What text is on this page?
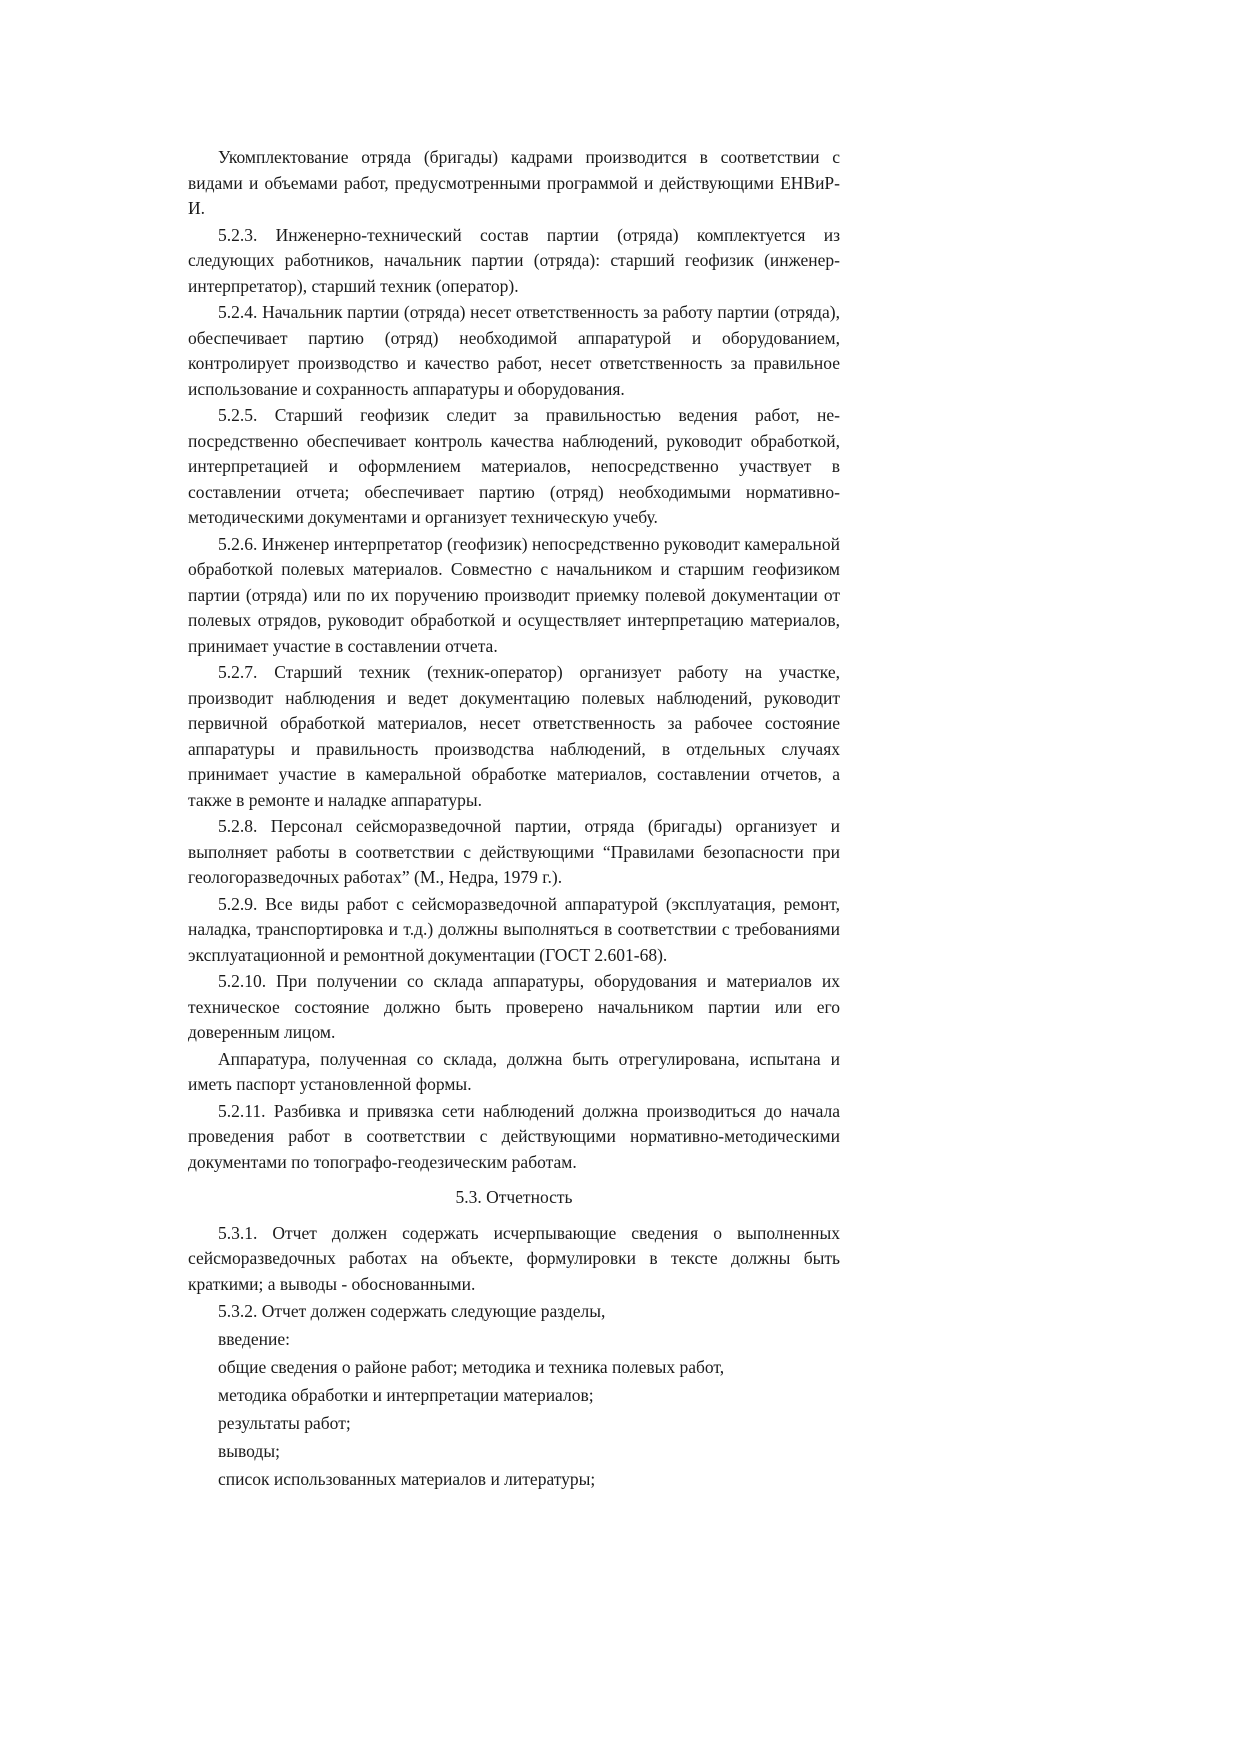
Укомплектование отряда (бригады) кадрами производится в соответствии с видами и объемами работ, предусмотренными программой и действующими ЕНВиР-И.

5.2.3. Инженерно-технический состав партии (отряда) комплектуется из следующих работников, начальник партии (отряда): старший геофизик (инженер-интерпретатор), старший техник (оператор).

5.2.4. Начальник партии (отряда) несет ответственность за работу партии (отряда), обеспечивает партию (отряд) необходимой аппаратурой и оборудованием, контролирует производство и качество работ, несет ответственность за правильное использование и сохранность аппаратуры и оборудования.

5.2.5. Старший геофизик следит за правильностью ведения работ, непосредственно обеспечивает контроль качества наблюдений, руководит обработкой, интерпретацией и оформлением материалов, непосредственно участвует в составлении отчета; обеспечивает партию (отряд) необходимыми нормативно-методическими документами и организует техническую учебу.

5.2.6. Инженер интерпретатор (геофизик) непосредственно руководит камеральной обработкой полевых материалов. Совместно с начальником и старшим геофизиком партии (отряда) или по их поручению производит приемку полевой документации от полевых отрядов, руководит обработкой и осуществляет интерпретацию материалов, принимает участие в составлении отчета.

5.2.7. Старший техник (техник-оператор) организует работу на участке, производит наблюдения и ведет документацию полевых наблюдений, руководит первичной обработкой материалов, несет ответственность за рабочее состояние аппаратуры и правильность производства наблюдений, в отдельных случаях принимает участие в камеральной обработке материалов, составлении отчетов, а также в ремонте и наладке аппаратуры.

5.2.8. Персонал сейсморазведочной партии, отряда (бригады) организует и выполняет работы в соответствии с действующими “Правилами безопасности при геологоразведочных работах” (М., Недра, 1979 г.).

5.2.9. Все виды работ с сейсморазведочной аппаратурой (эксплуатация, ремонт, наладка, транспортировка и т.д.) должны выполняться в соответствии с требованиями эксплуатационной и ремонтной документации (ГОСТ 2.601-68).

5.2.10. При получении со склада аппаратуры, оборудования и материалов их техническое состояние должно быть проверено начальником партии или его доверенным лицом.

Аппаратура, полученная со склада, должна быть отрегулирована, испытана и иметь паспорт установленной формы.

5.2.11. Разбивка и привязка сети наблюдений должна производиться до начала проведения работ в соответствии с действующими нормативно-методическими документами по топографо-геодезическим работам.

5.3. Отчетность

5.3.1. Отчет должен содержать исчерпывающие сведения о выполненных сейсморазведочных работах на объекте, формулировки в тексте должны быть краткими; а выводы - обоснованными.

5.3.2. Отчет должен содержать следующие разделы,

введение:

общие сведения о районе работ; методика и техника полевых работ,

методика обработки и интерпретации материалов;

результаты работ;

выводы;

список использованных материалов и литературы;
